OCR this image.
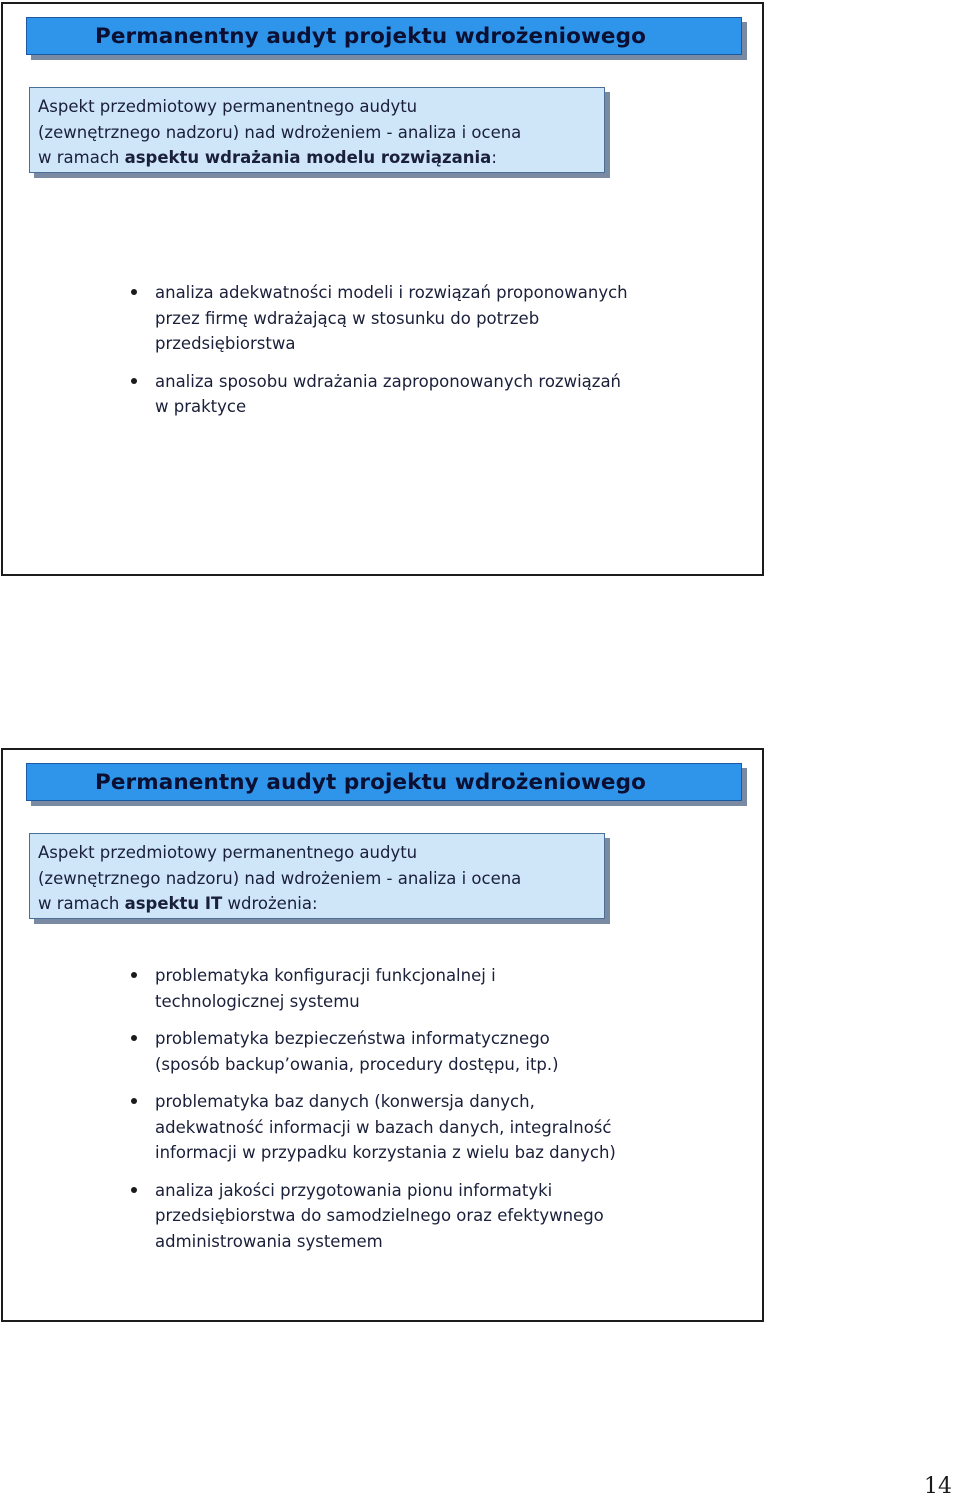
Permanentny audyt projektu wdrożeniowego
Aspekt przedmiotowy permanentnego audytu
(zewnętrznego nadzoru) nad wdrożeniem - analiza i ocena
w ramach aspektu wdrażania modelu rozwiązania:
analiza adekwatności modeli i rozwiązań proponowanych przez firmę wdrażającą w stosunku do potrzeb przedsiębiorstwa
analiza sposobu wdrażania zaproponowanych rozwiązań w praktyce
Permanentny audyt projektu wdrożeniowego
Aspekt przedmiotowy permanentnego audytu
(zewnętrznego nadzoru) nad wdrożeniem - analiza i ocena
w ramach aspektu IT wdrożenia:
problematyka konfiguracji funkcjonalnej i technologicznej systemu
problematyka bezpieczeństwa informatycznego (sposób backup’owania, procedury dostępu, itp.)
problematyka baz danych (konwersja danych, adekwatność informacji w bazach danych, integralność informacji w przypadku korzystania z wielu baz danych)
analiza jakości przygotowania pionu informatyki przedsiębiorstwa do samodzielnego oraz efektywnego administrowania systemem
14
